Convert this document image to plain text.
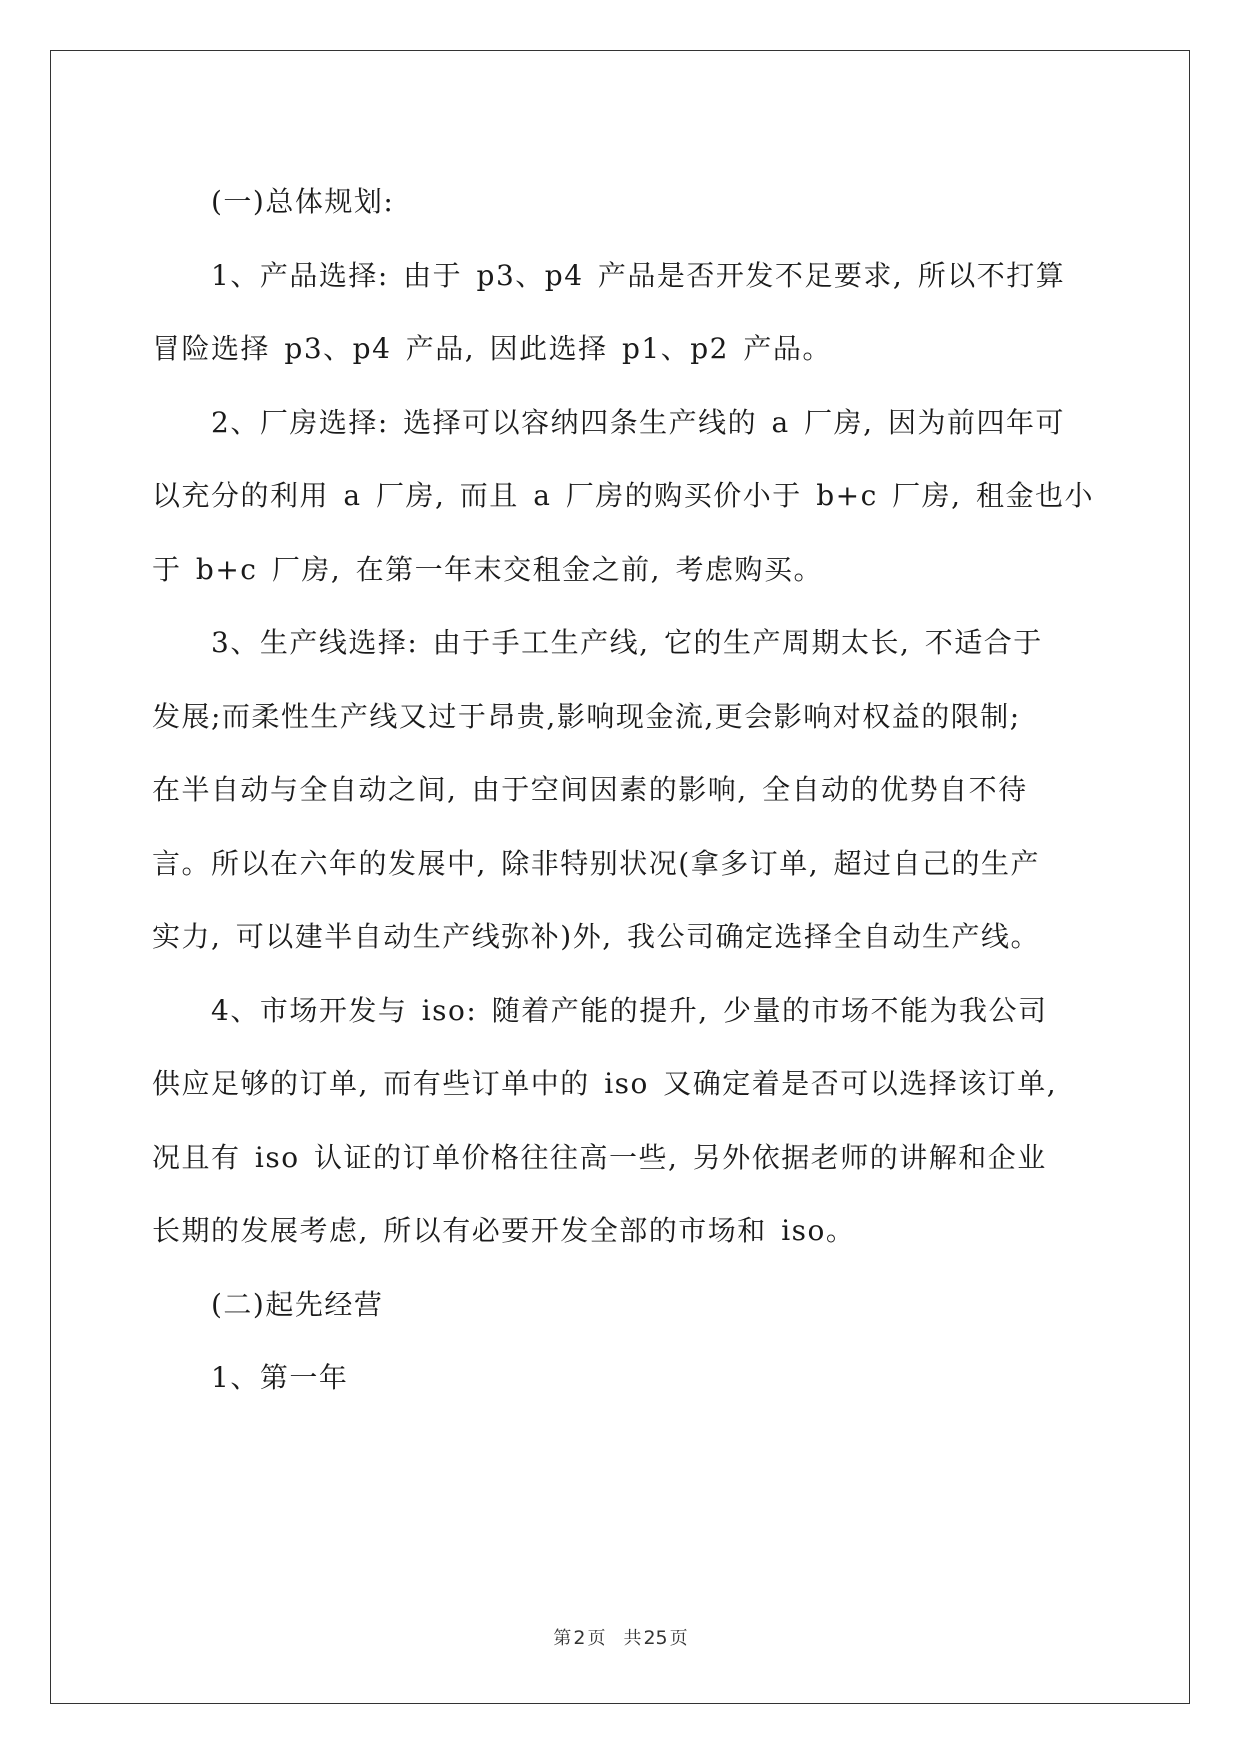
　　(一)总体规划:

　　1、产品选择: 由于 p3、p4 产品是否开发不足要求, 所以不打算

冒险选择 p3、p4 产品, 因此选择 p1、p2 产品。

　　2、厂房选择: 选择可以容纳四条生产线的 a 厂房, 因为前四年可

以充分的利用 a 厂房, 而且 a 厂房的购买价小于 b+c 厂房, 租金也小

于 b+c 厂房, 在第一年末交租金之前, 考虑购买。

　　3、生产线选择: 由于手工生产线, 它的生产周期太长, 不适合于

发展;而柔性生产线又过于昂贵,影响现金流,更会影响对权益的限制;

在半自动与全自动之间, 由于空间因素的影响, 全自动的优势自不待

言。所以在六年的发展中, 除非特别状况(拿多订单, 超过自己的生产

实力, 可以建半自动生产线弥补)外, 我公司确定选择全自动生产线。

　　4、市场开发与 iso: 随着产能的提升, 少量的市场不能为我公司

供应足够的订单, 而有些订单中的 iso 又确定着是否可以选择该订单,

况且有 iso 认证的订单价格往往高一些, 另外依据老师的讲解和企业

长期的发展考虑, 所以有必要开发全部的市场和 iso。

　　(二)起先经营

　　1、第一年

第 2 页 共 25 页
